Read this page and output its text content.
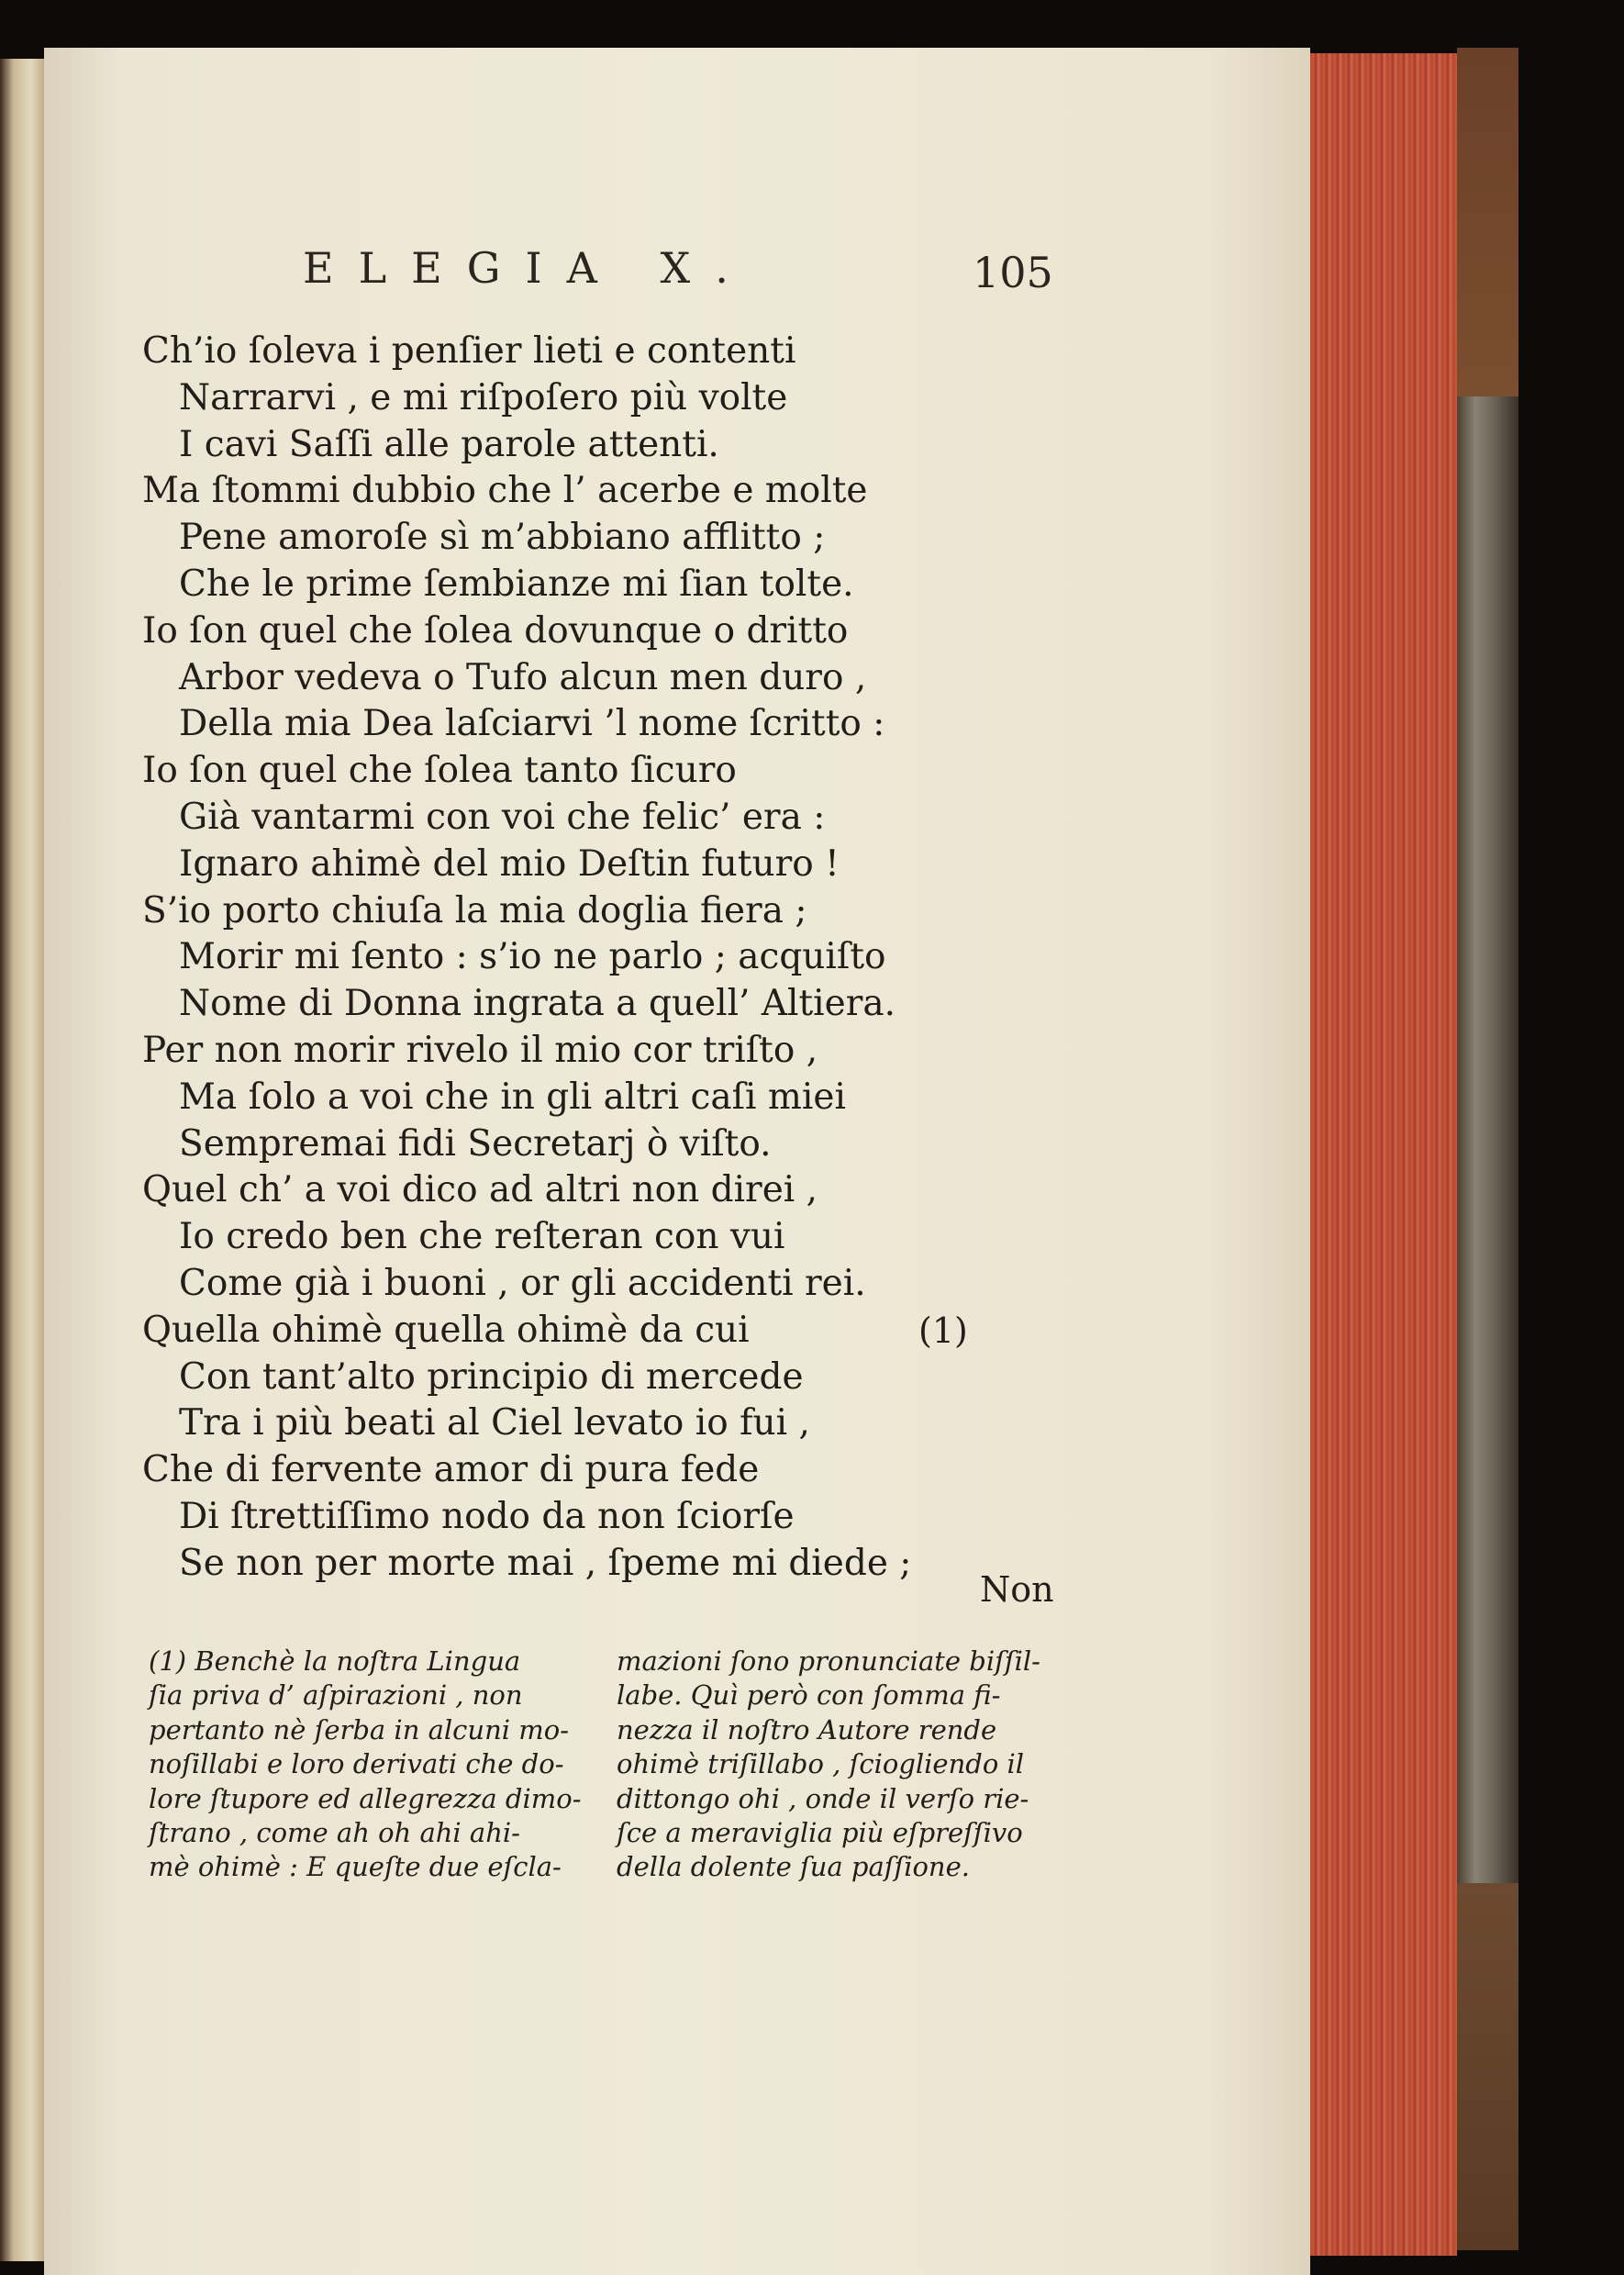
ELEGIA X.	105
Ch’io ſoleva i penſier lieti e contenti
Narrarvi , e mi riſpoſero più volte
I cavi Saſſi alle parole attenti.
Ma ſtommi dubbio che l’ acerbe e molte
Pene amoroſe sì m’abbiano afflitto ;
Che le prime ſembianze mi ſian tolte.
Io ſon quel che ſolea dovunque o dritto
Arbor vedeva o Tufo alcun men duro ,
Della mia Dea laſciarvi ’l nome ſcritto :
Io ſon quel che ſolea tanto ſicuro
Già vantarmi con voi che felic’ era :
Ignaro ahimè del mio Deſtin futuro !
S’io porto chiuſa la mia doglia fiera ;
Morir mi ſento : s’io ne parlo ; acquiſto
Nome di Donna ingrata a quell’ Altiera.
Per non morir rivelo il mio cor triſto ,
Ma ſolo a voi che in gli altri caſi miei
Sempremai fidi Secretarj ò viſto.
Quel ch’ a voi dico ad altri non direi ,
Io credo ben che reſteran con vui
Come già i buoni , or gli accidenti rei.
Quella ohimè quella ohimè da cui	(1)
Con tant’alto principio di mercede
Tra i più beati al Ciel levato io fui ,
Che di fervente amor di pura fede
Di ſtrettiſſimo nodo da non ſciorſe
Se non per morte mai , ſpeme mi diede ;
Non
(1) Benchè la noſtra Lingua
ſia priva d’ aſpirazioni , non
pertanto nè ſerba in alcuni mo-
noſillabi e loro derivati che do-
lore ſtupore ed allegrezza dimo-
ſtrano , come ah oh ahi ahi-
mè ohimè : E queſte due eſcla-
mazioni ſono pronunciate biſſil-
labe. Quì però con ſomma fi-
nezza il noſtro Autore rende
ohimè triſillabo , ſciogliendo il
dittongo ohi , onde il verſo rie-
ſce a meraviglia più eſpreſſivo
della dolente ſua paſſione.
